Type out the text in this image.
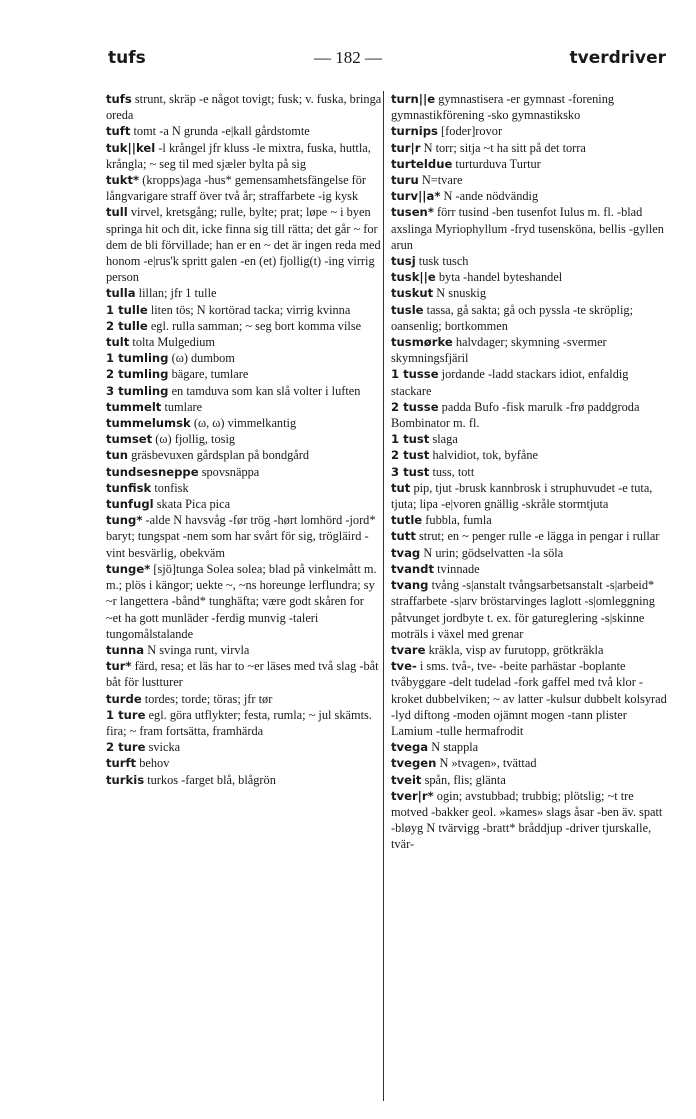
— 182 —
tufs	tverdriver

tufs strunt, skräp -e något tovigt; fusk; v. fuska, bringa oreda

tuft tomt -a N grunda -e|kall gårdstomte

tuk||kel -l krångel jfr kluss -le mixtra, fuska, huttla, krångla; ~ seg til med sjæler bylta på sig

tukt* (kropps)aga -hus* gemensamhetsfängelse för långvarigare straff över två år; straffarbete -ig kysk

tull virvel, kretsgång; rulle, bylte; prat; løpe ~ i byen springa hit och dit, icke finna sig till rätta; det går ~ for dem de bli förvillade; han er en ~ det är ingen reda med honom -e|rus'k spritt galen -en (et) fjollig(t) -ing virrig person

tulla lillan; jfr 1 tulle

1 tulle liten tös; N kortörad tacka; virrig kvinna

2 tulle egl. rulla samman; ~ seg bort komma vilse

tult tolta Mulgedium

1 tumling (ω) dumbom

2 tumling bägare, tumlare

3 tumling en tamduva som kan slå volter i luften

tummelt tumlare

tummelumsk (ω, ω) vimmelkantig

tumset (ω) fjollig, tosig

tun gräsbevuxen gårdsplan på bondgård

tundsesneppe spovsnäppa

tunfisk tonfisk

tunfugl skata Pica pica

tung* -alde N havsvåg -før trög -hørt lomhörd -jord* baryt; tungspat -nem som har svårt för sig, trögläird -vint besvärlig, obekväm

tunge* [sjö]tunga Solea solea; blad på vinkelmått m. m.; plös i kängor; uekte ~, ~ns horeunge lerflundra; sy ~r langettera -bånd* tunghäfta; være godt skåren for ~et ha gott munläder -ferdig munvig -taleri tungomålstalande

tunna N svinga runt, virvla

tur* färd, resa; et läs har to ~er läses med två slag -båt båt för lustturer

turde tordes; torde; töras; jfr tør

1 ture egl. göra utflykter; festa, rumla; ~ jul skämts. fira; ~ fram fortsätta, framhärda

2 ture svicka

turft behov

turkis turkos -farget blå, blågrön

turn||e gymnastisera -er gymnast -forening gymnastikförening -sko gymnastiksko

turnips [foder]rovor

tur|r N torr; sitja ~t ha sitt på det torra

turteldue turturduva Turtur

turu N=tvare

turv||a* N -ande nödvändig

tusen* förr tusind -ben tusenfot Iulus m. fl. -blad axslinga Myriophyllum -fryd tusensköna, bellis -gyllen arun

tusj tusk tusch

tusk||e byta -handel byteshandel

tuskut N snuskig

tusle tassa, gå sakta; gå och pyssla -te skröplig; oansenlig; bortkommen

tusmørke halvdager; skymning -svermer skymningsfjäril

1 tusse jordande -ladd stackars idiot, enfaldig stackare

2 tusse padda Bufo -fisk marulk -frø paddgroda Bombinator m. fl.

1 tust slaga

2 tust halvidiot, tok, byfåne

3 tust tuss, tott

tut pip, tjut -brusk kannbrosk i struphuvudet -e tuta, tjuta; lipa -e|voren gnällig -skråle stormtjuta

tutle fubbla, fumla

tutt strut; en ~ penger rulle -e lägga in pengar i rullar

tvag N urin; gödselvatten -la söla

tvandt tvinnade

tvang tvång -s|anstalt tvångsarbetsanstalt -s|arbeid* straffarbete -s|arv bröstarvinges laglott -s|omleggning påtvunget jordbyte t. ex. för gatureglering -s|skinne moträls i växel med grenar

tvare kräkla, visp av furutopp, grötkräkla

tve- i sms. två-, tve- -beite parhästar -boplante tvåbyggare -delt tudelad -fork gaffel med två klor -kroket dubbelviken; ~ av latter -kulsur dubbelt kolsyrad -lyd diftong -moden ojämnt mogen -tann plister Lamium -tulle hermafrodit

tvega N stappla

tvegen N »tvagen», tvättad

tveit spån, flis; glänta

tver|r* ogin; avstubbad; trubbig; plötslig; ~t tre motved -bakker geol. »kames» slags åsar -ben äv. spatt -bløyg N tvärvigg -bratt* bråddjup -driver tjurskalle, tvär-
